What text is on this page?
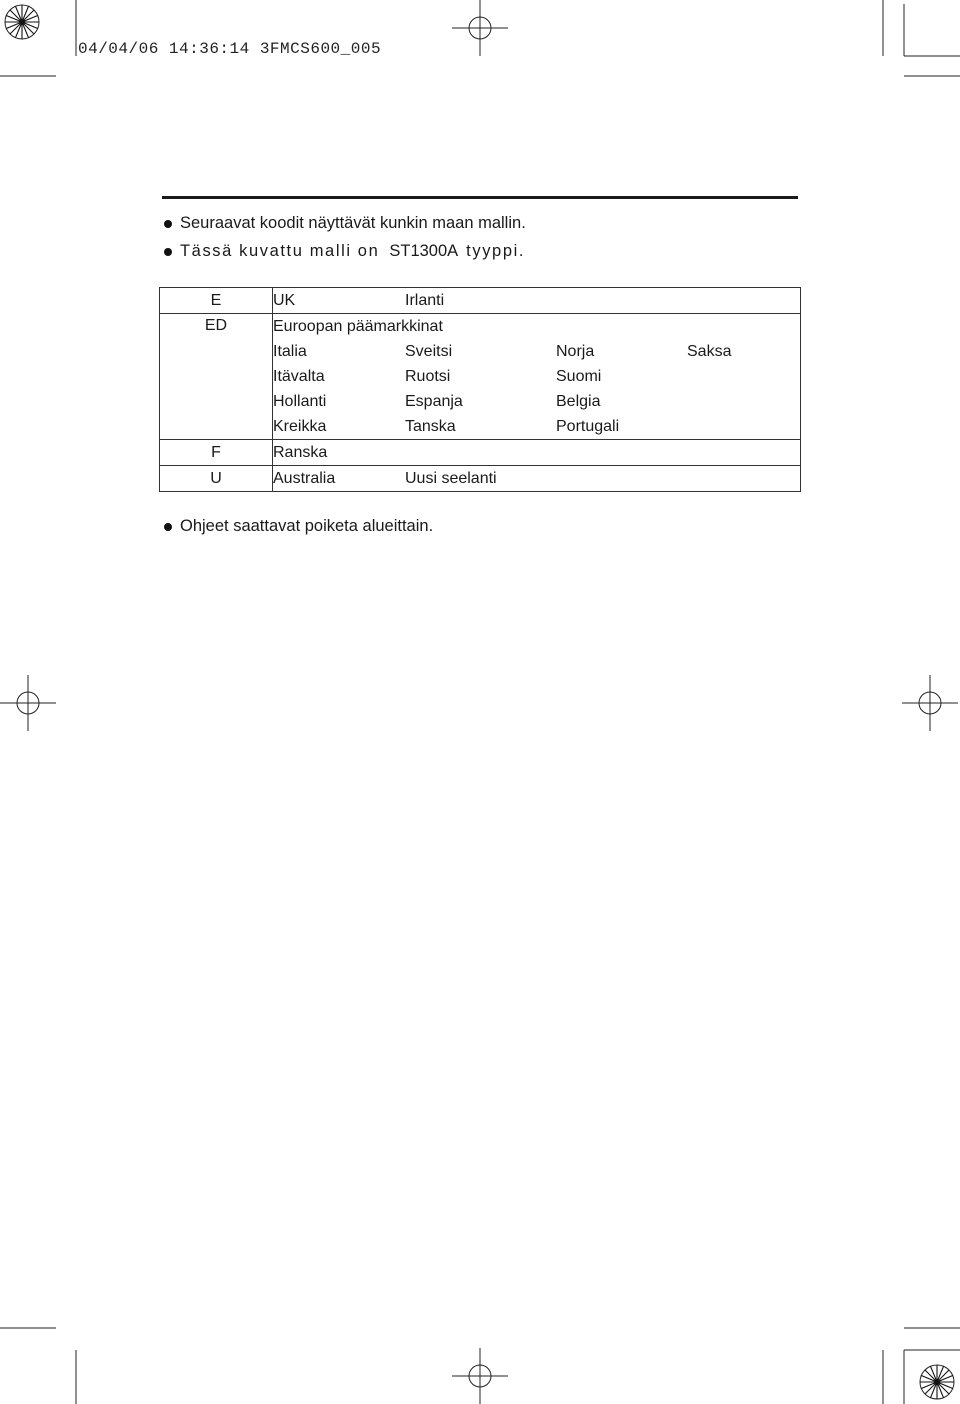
04/04/06 14:36:14 3FMCS600_005
Seuraavat koodit näyttävät kunkin maan mallin.
Tässä kuvattu malli on ST1300A tyyppi.
E	UK	Irlanti		
ED	Euroopan päämarkkinat			
	Italia	Sveitsi	Norja	Saksa
	Itävalta	Ruotsi	Suomi	
	Hollanti	Espanja	Belgia	
	Kreikka	Tanska	Portugali	
F	Ranska			
U	Australia	Uusi seelanti		
Ohjeet saattavat poiketa alueittain.
